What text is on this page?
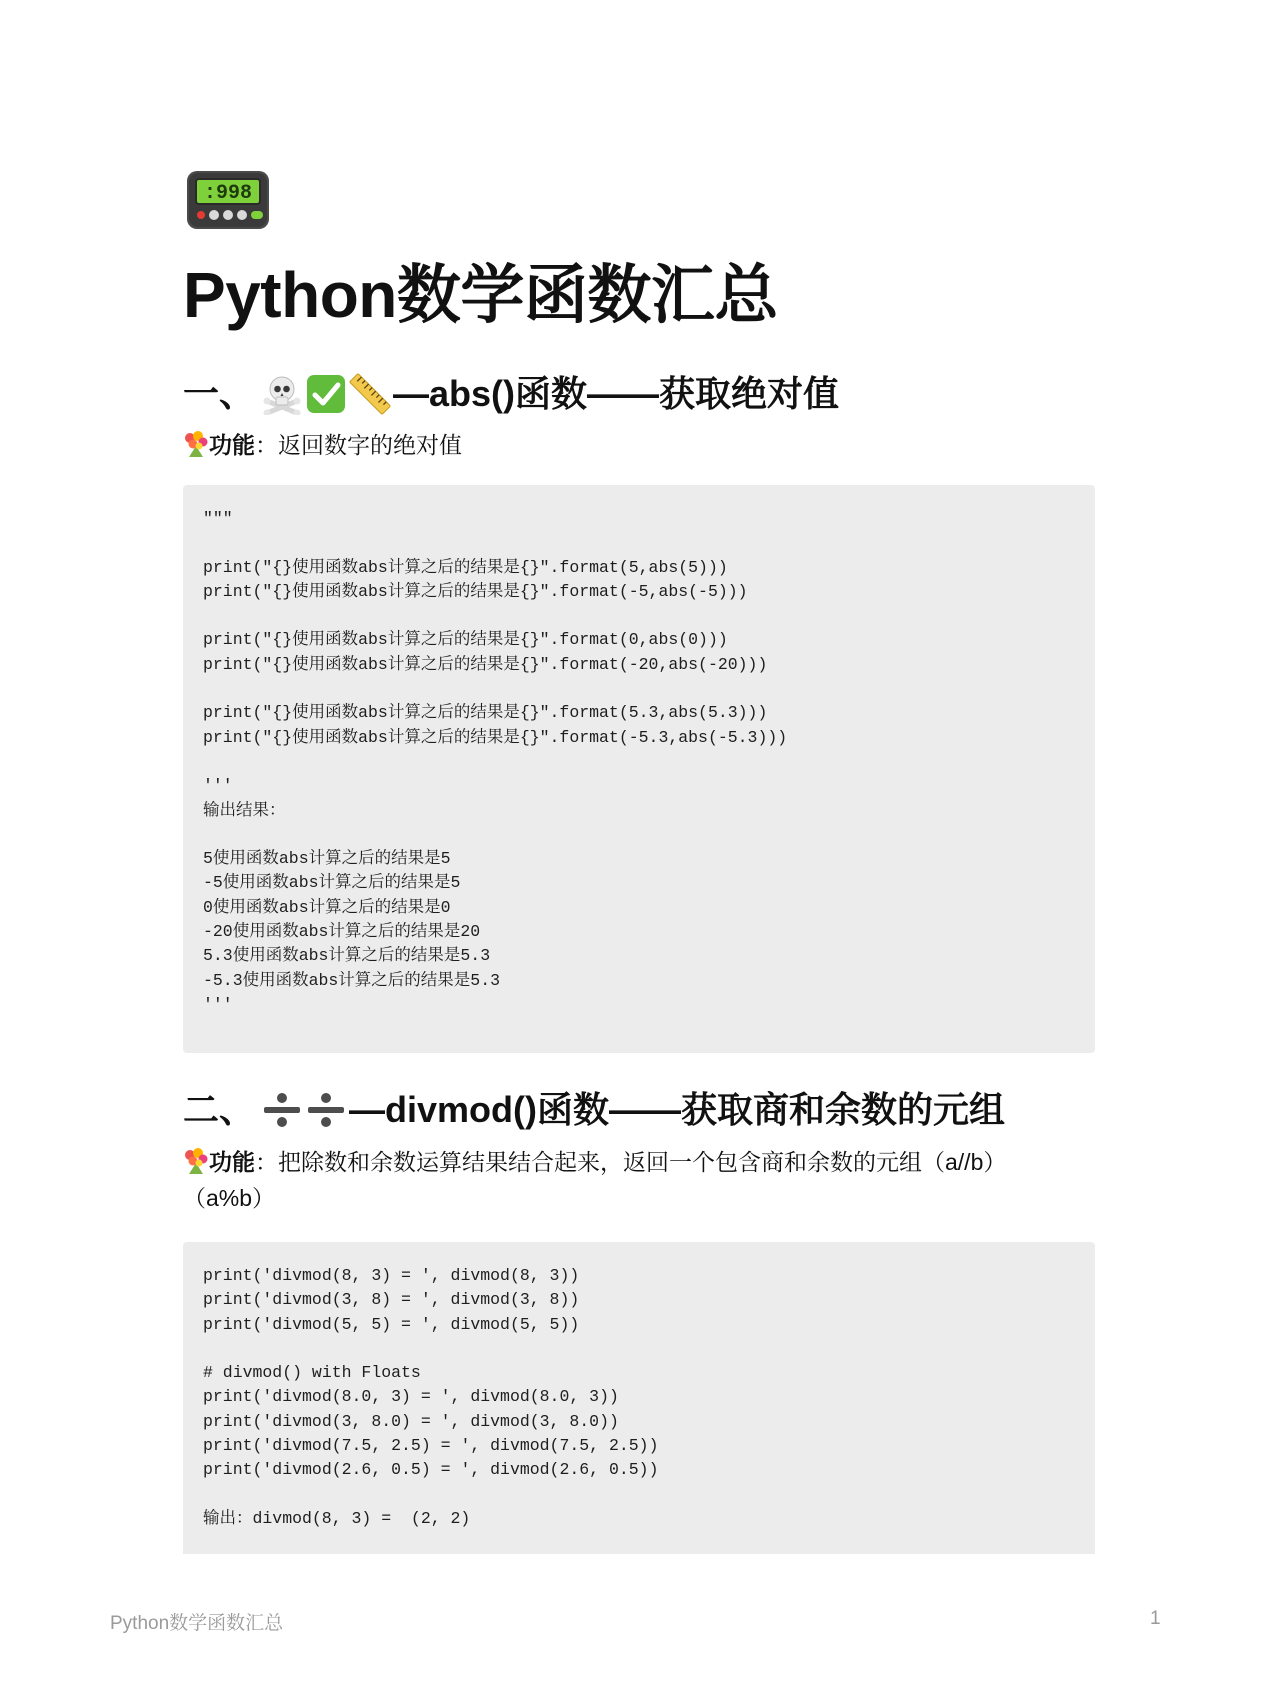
:998
Python数学函数汇总
一、	—abs()函数——获取绝对值

功能：返回数字的绝对值

"""

print("{}使用函数abs计算之后的结果是{}".format(5,abs(5)))
print("{}使用函数abs计算之后的结果是{}".format(-5,abs(-5)))

print("{}使用函数abs计算之后的结果是{}".format(0,abs(0)))
print("{}使用函数abs计算之后的结果是{}".format(-20,abs(-20)))

print("{}使用函数abs计算之后的结果是{}".format(5.3,abs(5.3)))
print("{}使用函数abs计算之后的结果是{}".format(-5.3,abs(-5.3)))

'''
输出结果：

5使用函数abs计算之后的结果是5
-5使用函数abs计算之后的结果是5
0使用函数abs计算之后的结果是0
-20使用函数abs计算之后的结果是20
5.3使用函数abs计算之后的结果是5.3
-5.3使用函数abs计算之后的结果是5.3
'''
二、	—divmod()函数——获取商和余数的元组

功能：把除数和余数运算结果结合起来，返回一个包含商和余数的元组（a//b）（a%b）

print('divmod(8, 3) = ', divmod(8, 3))
print('divmod(3, 8) = ', divmod(3, 8))
print('divmod(5, 5) = ', divmod(5, 5))

# divmod() with Floats
print('divmod(8.0, 3) = ', divmod(8.0, 3))
print('divmod(3, 8.0) = ', divmod(3, 8.0))
print('divmod(7.5, 2.5) = ', divmod(7.5, 2.5))
print('divmod(2.6, 0.5) = ', divmod(2.6, 0.5))

输出：divmod(8, 3) =  (2, 2)
Python数学函数汇总	1
